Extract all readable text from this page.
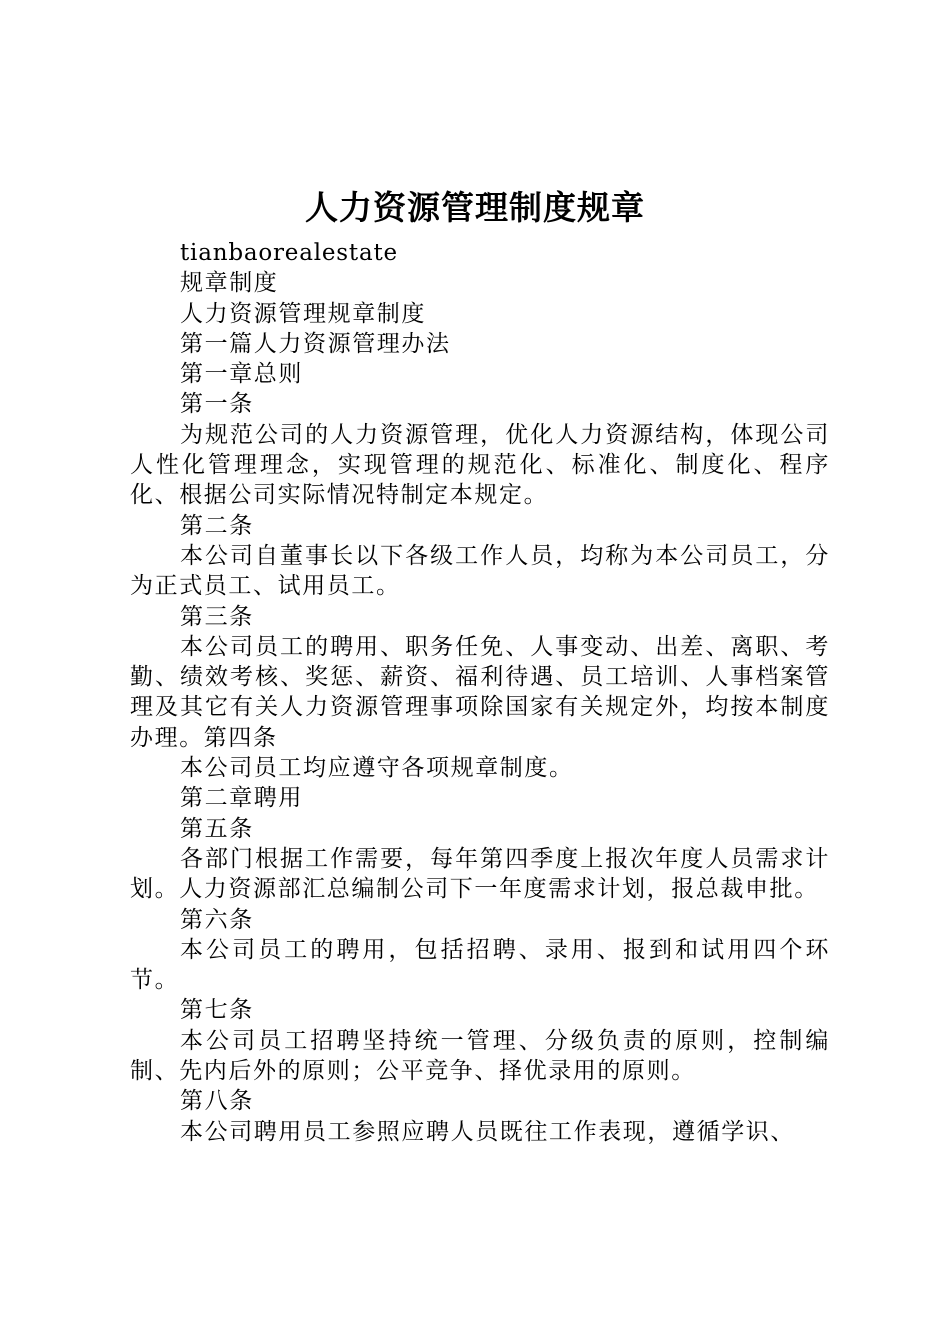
人力资源管理制度规章

tianbaorealestate

规章制度

人力资源管理规章制度

第一篇人力资源管理办法

第一章总则

第一条

为规范公司的人力资源管理，优化人力资源结构，体现公司人性化管理理念，实现管理的规范化、标准化、制度化、程序化、根据公司实际情况特制定本规定。

第二条

本公司自董事长以下各级工作人员，均称为本公司员工，分为正式员工、试用员工。

第三条

本公司员工的聘用、职务任免、人事变动、出差、离职、考勤、绩效考核、奖惩、薪资、福利待遇、员工培训、人事档案管理及其它有关人力资源管理事项除国家有关规定外，均按本制度办理。第四条

本公司员工均应遵守各项规章制度。

第二章聘用

第五条

各部门根据工作需要，每年第四季度上报次年度人员需求计划。人力资源部汇总编制公司下一年度需求计划，报总裁申批。

第六条

本公司员工的聘用，包括招聘、录用、报到和试用四个环节。

第七条

本公司员工招聘坚持统一管理、分级负责的原则，控制编制、先内后外的原则；公平竞争、择优录用的原则。

第八条

本公司聘用员工参照应聘人员既往工作表现，遵循学识、
